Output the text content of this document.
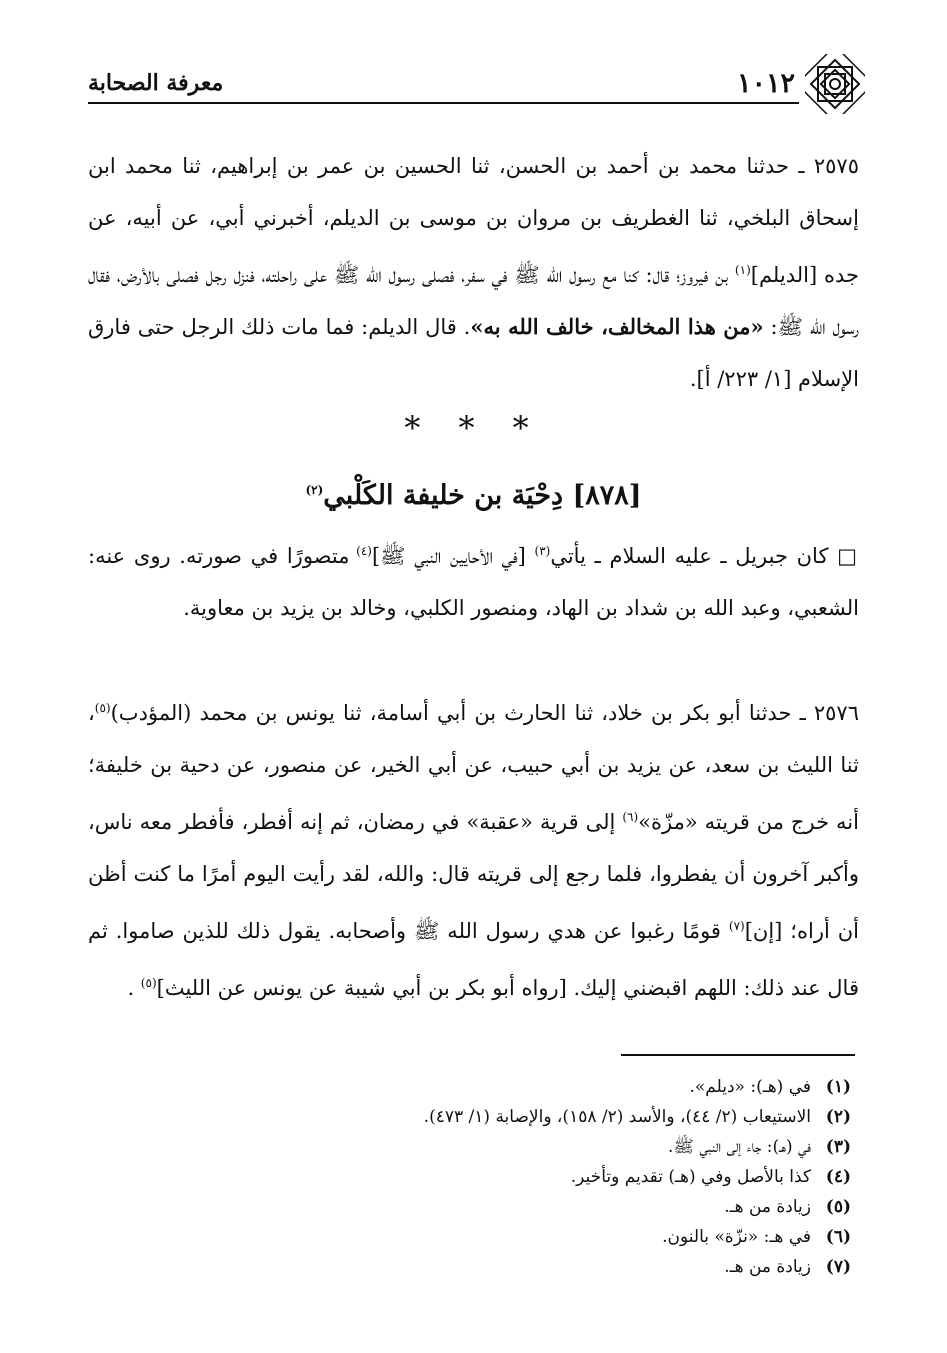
١٠١٢
معرفة الصحابة

٢٥٧٥ ـ حدثنا محمد بن أحمد بن الحسن، ثنا الحسين بن عمر بن إبراهيم، ثنا محمد ابن إسحاق البلخي، ثنا الغطريف بن مروان بن موسى بن الديلم، أخبرني أبي، عن أبيه، عن جده [الديلم]$^{(١)}$ بن فيروز؛ قال: كنا مع رسول الله ﷺ في سفر، فصلى رسول الله ﷺ على راحلته، فنزل رجل فصلى بالأرض، فقال رسول الله ﷺ: «من هذا المخالف، خالف الله به». قال الديلم: فما مات ذلك الرجل حتى فارق الإسلام [١/ ٢٢٣/ أ].

* * *
[٨٧٨] دِحْيَة بن خليفة الكَلْبي$^{(٢)}$

□ كان جبريل ـ عليه السلام ـ يأتي$^{(٣)}$ [في الأحايين النبي ﷺ]$^{(٤)}$ متصورًا في صورته. روى عنه: الشعبي، وعبد الله بن شداد بن الهاد، ومنصور الكلبي، وخالد بن يزيد بن معاوية.

٢٥٧٦ ـ حدثنا أبو بكر بن خلاد، ثنا الحارث بن أبي أسامة، ثنا يونس بن محمد (المؤدب)$^{(٥)}$، ثنا الليث بن سعد، عن يزيد بن أبي حبيب، عن أبي الخير، عن منصور، عن دحية بن خليفة؛ أنه خرج من قريته «مزّة»$^{(٦)}$ إلى قرية «عقبة» في رمضان، ثم إنه أفطر، فأفطر معه ناس، وأكبر آخرون أن يفطروا، فلما رجع إلى قريته قال: والله، لقد رأيت اليوم أمرًا ما كنت أظن أن أراه؛ [إن]$^{(٧)}$ قومًا رغبوا عن هدي رسول الله ﷺ وأصحابه. يقول ذلك للذين صاموا. ثم قال عند ذلك: اللهم اقبضني إليك. [رواه أبو بكر بن أبي شيبة عن يونس عن الليث]$^{(٥)}$ .

(١)
في (هـ): «ديلم».
(٢)
الاستيعاب (٢/ ٤٤)، والأسد (٢/ ١٥٨)، والإصابة (١/ ٤٧٣).
(٣)
في (هـ): جاء إلى النبي ﷺ.
(٤)
كذا بالأصل وفي (هـ) تقديم وتأخير.
(٥)
زيادة من هـ.
(٦)
في هـ: «نزّة» بالنون.
(٧)
زيادة من هـ.
